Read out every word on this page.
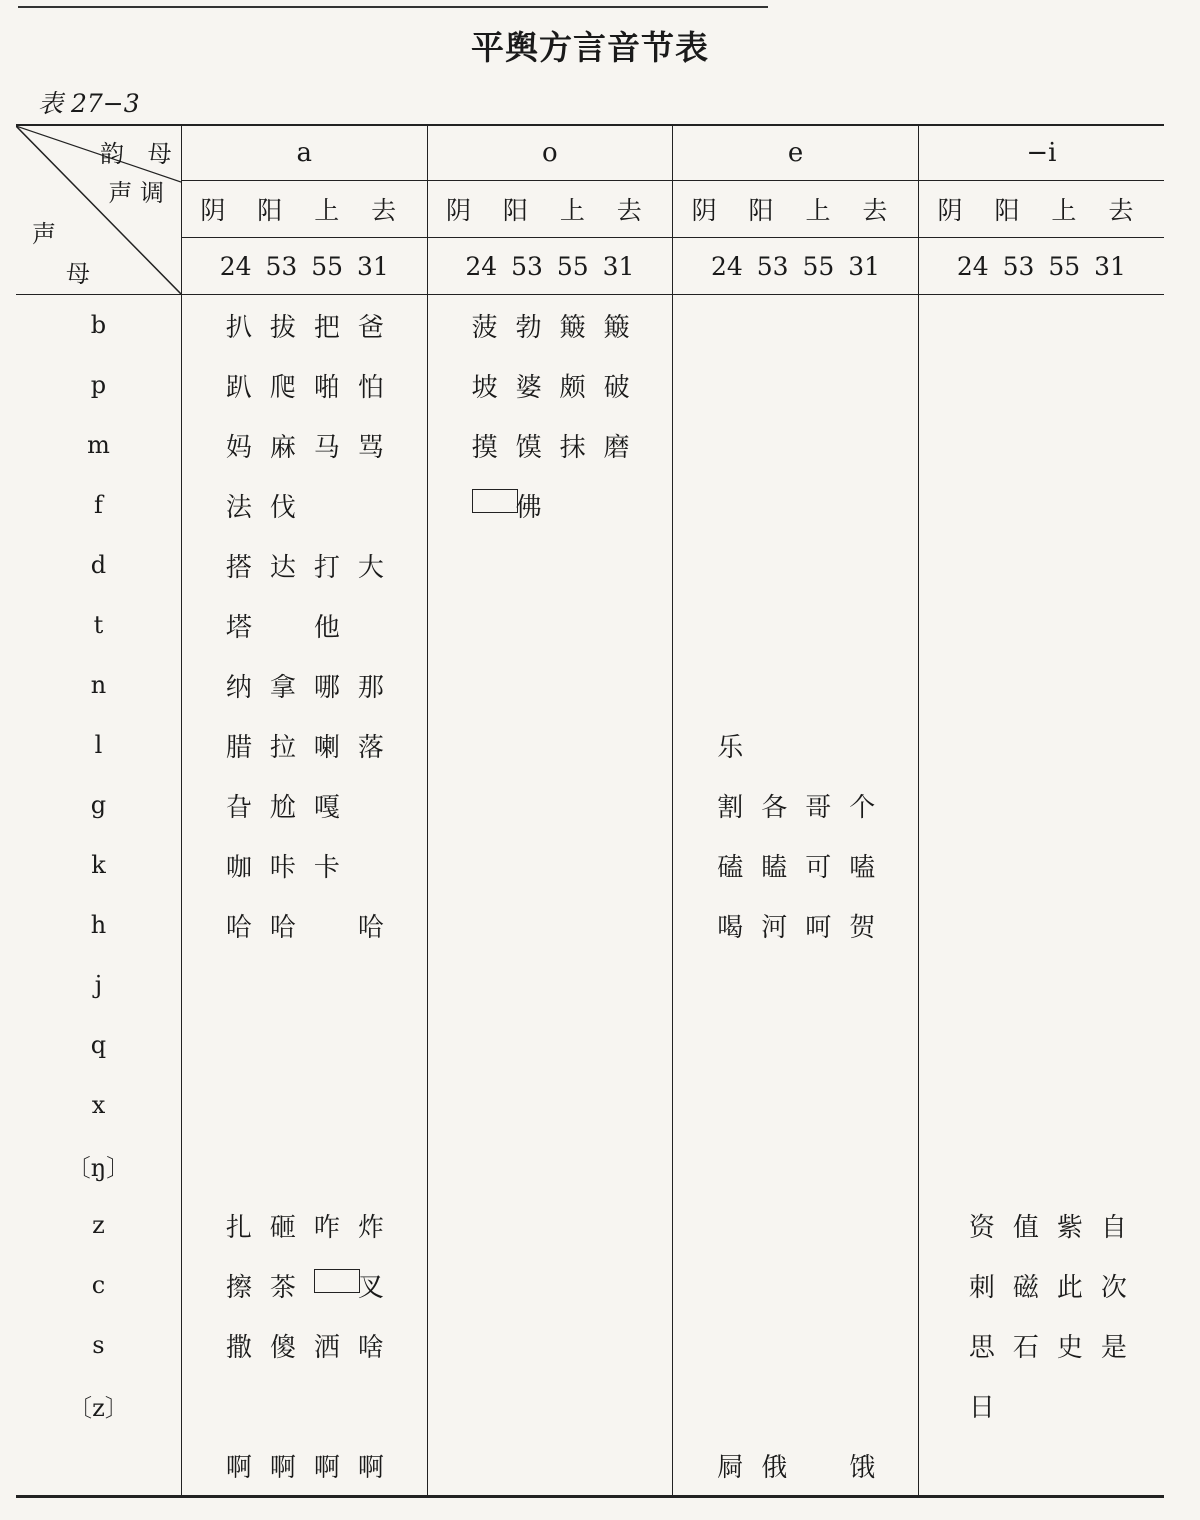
平舆方言音节表
表 27−3
韵 母
声 调
声
母	a	o	e	−i
	阴 阳 上 去	阴 阳 上 去	阴 阳 上 去	阴 阳 上 去
	24 53 55 31	24 53 55 31	24 53 55 31	24 53 55 31
b	扒 拔 把 爸	菠 勃 簸 簸		

p	趴 爬 啪 怕	坡 婆 颇 破		

m	妈 麻 马 骂	摸 馍 抹 磨		

f	法 伐	佛		

d	搭 达 打 大			

t	塔 他			

n	纳 拿 哪 那			

l	腊 拉 喇 落		乐	

g	旮 尬 嘎		割 各 哥 个	

k	咖 咔 卡		磕 瞌 可 嗑	

h	哈 哈 哈		喝 河 呵 贺	

j	

q	

x	

〔ŋ〕	

z	扎 砸 咋 炸			资 值 紫 自

c	擦 茶 叉			刺 磁 此 次

s	撒 傻 洒 啥			思 石 史 是

〔z〕				日

	啊 啊 啊 啊		屙 俄 饿	
